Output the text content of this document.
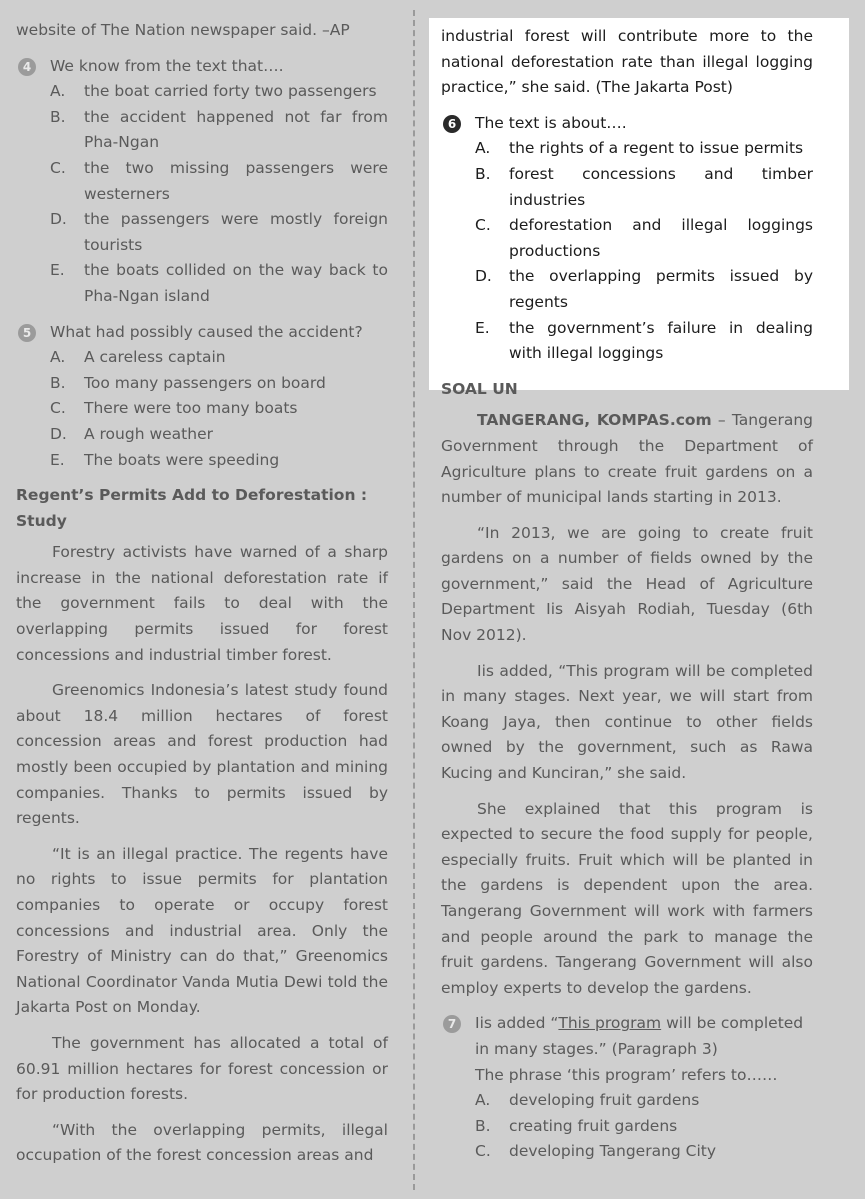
website of The Nation newspaper said. –AP

4	We know from the text that….
A. the boat carried forty two passengers
B. the accident happened not far from Pha-Ngan
C. the two missing passengers were westerners
D. the passengers were mostly foreign tourists
E. the boats collided on the way back to Pha-Ngan island
5	What had possibly caused the accident?
A. A careless captain
B. Too many passengers on board
C. There were too many boats
D. A rough weather
E. The boats were speeding
Regent’s Permits Add to Deforestation : Study

Forestry activists have warned of a sharp increase in the national deforestation rate if the government fails to deal with the overlapping permits issued for forest concessions and industrial timber forest.

Greenomics Indonesia’s latest study found about 18.4 million hectares of forest concession areas and forest production had mostly been occupied by plantation and mining companies. Thanks to permits issued by regents.

“It is an illegal practice. The regents have no rights to issue permits for plantation companies to operate or occupy forest concessions and industrial area. Only the Forestry of Ministry can do that,” Greenomics National Coordinator Vanda Mutia Dewi told the Jakarta Post on Monday.

The government has allocated a total of 60.91 million hectares for forest concession or for production forests.

“With the overlapping permits, illegal occupation of the forest concession areas and

industrial forest will contribute more to the national deforestation rate than illegal logging practice,” she said. (The Jakarta Post)

6	The text is about….
A. the rights of a regent to issue permits
B. forest concessions and timber industries
C. deforestation and illegal loggings productions
D. the overlapping permits issued by regents
E. the government’s failure in dealing with illegal loggings
SOAL UN

TANGERANG, KOMPAS.com – Tangerang Government through the Department of Agriculture plans to create fruit gardens on a number of municipal lands starting in 2013.

“In 2013, we are going to create fruit gardens on a number of fields owned by the government,” said the Head of Agriculture Department Iis Aisyah Rodiah, Tuesday (6th Nov 2012).

Iis added, “This program will be completed in many stages. Next year, we will start from Koang Jaya, then continue to other fields owned by the government, such as Rawa Kucing and Kunciran,” she said.

She explained that this program is expected to secure the food supply for people, especially fruits. Fruit which will be planted in the gardens is dependent upon the area. Tangerang Government will work with farmers and people around the park to manage the fruit gardens. Tangerang Government will also employ experts to develop the gardens.

7	Iis added “This program will be completed in many stages.” (Paragraph 3)
The phrase ‘this program’ refers to……
A. developing fruit gardens
B. creating fruit gardens
C. developing Tangerang City
